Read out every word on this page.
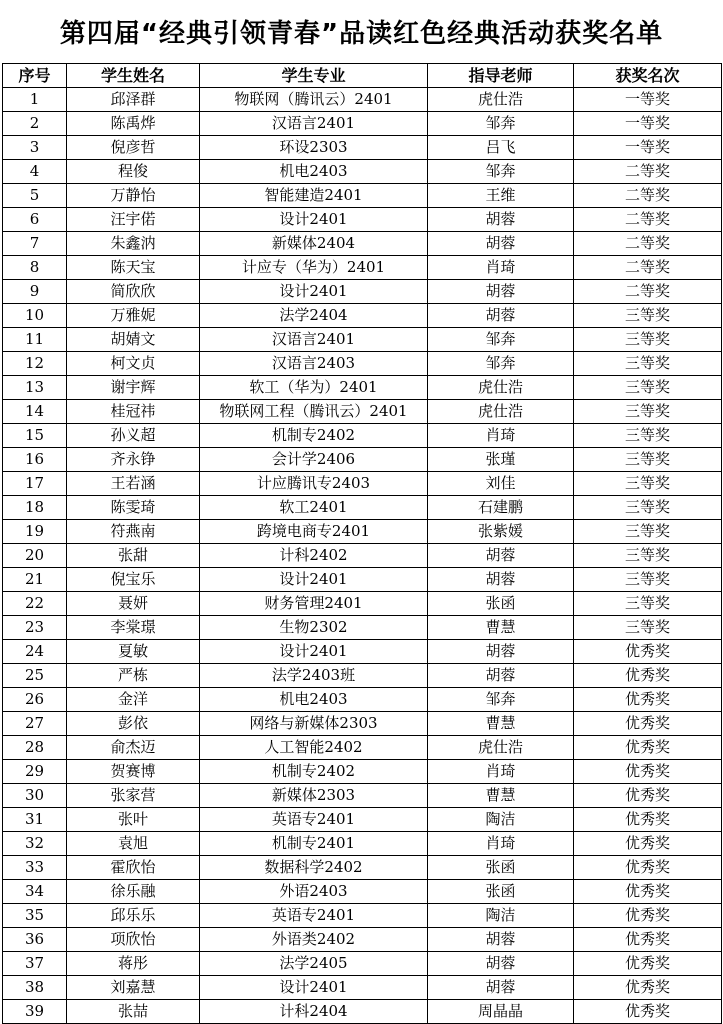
第四届“经典引领青春”品读红色经典活动获奖名单
序号	学生姓名	学生专业	指导老师	获奖名次
1	邱泽群	物联网（腾讯云）2401	虎仕浩	一等奖
2	陈禹烨	汉语言2401	邹奔	一等奖
3	倪彦哲	环设2303	吕飞	一等奖
4	程俊	机电2403	邹奔	二等奖
5	万静怡	智能建造2401	王维	二等奖
6	汪宇偌	设计2401	胡蓉	二等奖
7	朱鑫汭	新媒体2404	胡蓉	二等奖
8	陈天宝	计应专（华为）2401	肖琦	二等奖
9	简欣欣	设计2401	胡蓉	二等奖
10	万雅妮	法学2404	胡蓉	三等奖
11	胡婧文	汉语言2401	邹奔	三等奖
12	柯文贞	汉语言2403	邹奔	三等奖
13	谢宇辉	软工（华为）2401	虎仕浩	三等奖
14	桂冠祎	物联网工程（腾讯云）2401	虎仕浩	三等奖
15	孙义超	机制专2402	肖琦	三等奖
16	齐永铮	会计学2406	张瑾	三等奖
17	王若涵	计应腾讯专2403	刘佳	三等奖
18	陈雯琦	软工2401	石建鹏	三等奖
19	符燕南	跨境电商专2401	张紫媛	三等奖
20	张甜	计科2402	胡蓉	三等奖
21	倪宝乐	设计2401	胡蓉	三等奖
22	聂妍	财务管理2401	张函	三等奖
23	李棠璟	生物2302	曹慧	三等奖
24	夏敏	设计2401	胡蓉	优秀奖
25	严栋	法学2403班	胡蓉	优秀奖
26	金洋	机电2403	邹奔	优秀奖
27	彭依	网络与新媒体2303	曹慧	优秀奖
28	俞杰迈	人工智能2402	虎仕浩	优秀奖
29	贺赛博	机制专2402	肖琦	优秀奖
30	张家营	新媒体2303	曹慧	优秀奖
31	张叶	英语专2401	陶洁	优秀奖
32	袁旭	机制专2401	肖琦	优秀奖
33	霍欣怡	数据科学2402	张函	优秀奖
34	徐乐融	外语2403	张函	优秀奖
35	邱乐乐	英语专2401	陶洁	优秀奖
36	项欣怡	外语类2402	胡蓉	优秀奖
37	蒋彤	法学2405	胡蓉	优秀奖
38	刘嘉慧	设计2401	胡蓉	优秀奖
39	张喆	计科2404	周晶晶	优秀奖
